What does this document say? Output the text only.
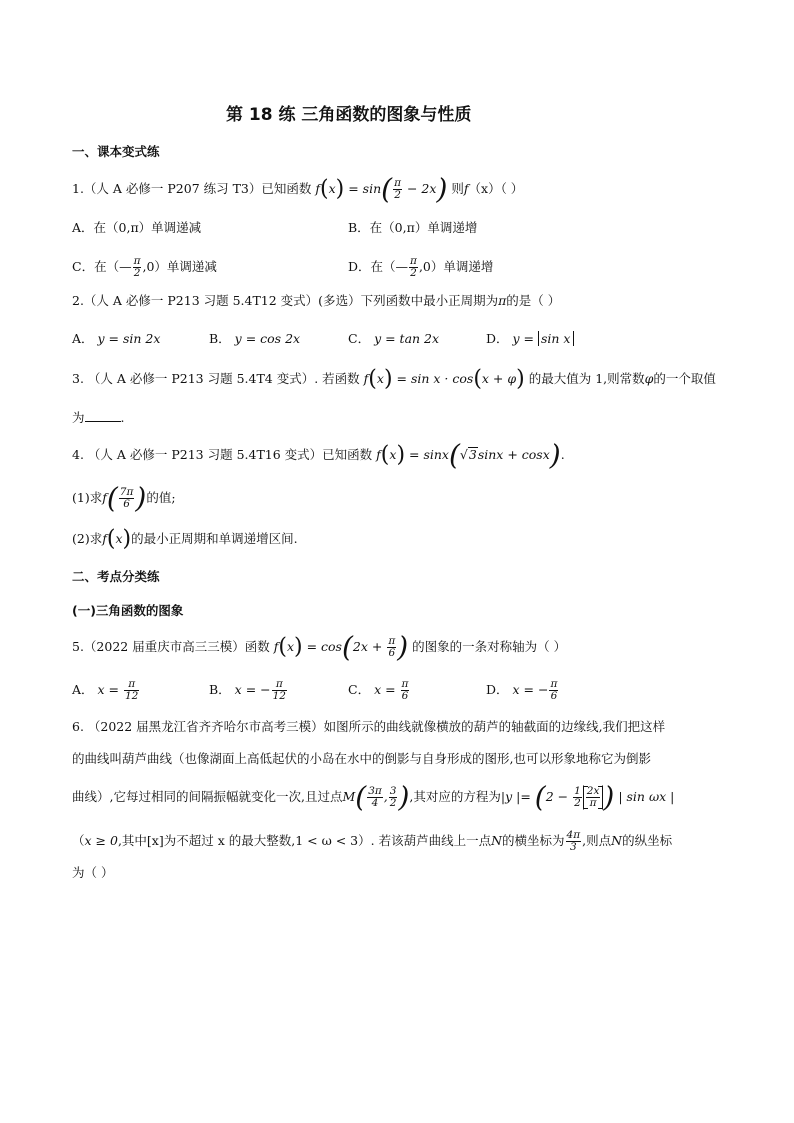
第 18 练 三角函数的图象与性质
一、课本变式练
1.（人 A 必修一 P207 练习 T3）已知函数 $f(x) = \sin( \frac{\pi}{2} - 2x)$ 则f（x）（ ）
A．在（0,π）单调递减	B．在（0,π）单调递增
C．在（— $\frac{\pi}{2} ,0$）单调递减	D．在（— $\frac{\pi}{2} ,0$）单调递增
2.（人 A 必修一 P213 习题 5.4T12 变式）(多选）下列函数中最小正周期为π的是（ ）
A． y = sin 2x	B． y = cos 2x	C． y = tan 2x	D． y = sin x
3. （人 A 必修一 P213 习题 5.4T4 变式）. 若函数 f(x) = sin x · cos(x + φ) 的最大值为 1,则常数φ的一个取值
为	.
4. （人 A 必修一 P213 习题 5.4T16 变式）已知函数 f(x) = sinx(√3sinx + cosx).
(1)求$f( \frac{7\pi}{6}$ )的值;
(2)求f(x)的最小正周期和单调递增区间.
二、考点分类练
(一)三角函数的图象
5.（2022 届重庆市高三三模）函数 $f(x) = \cos(2x + \frac{\pi}{6}$ ) 的图象的一条对称轴为（ ）
A． $x = \frac{\pi}{12}$	B． x = − $\frac{\pi}{12}$	C． $x = \frac{\pi}{6}$	D． x = − $\frac{\pi}{6}$
6. （2022 届黑龙江省齐齐哈尔市高考三模）如图所示的曲线就像横放的葫芦的轴截面的边缘线,我们把这样
的曲线叫葫芦曲线（也像湖面上高低起伏的小岛在水中的倒影与自身形成的图形,也可以形象地称它为倒影
曲线）,它每过相同的间隔振幅就变化一次,且过点$M( \frac{3\pi}{4}$ , $\frac{3}{2}$ ),其对应的方程为|y |= ($2 - \frac{1}{2} \frac{2x}{\pi}$ ) | sin ωx |
（x ≥ 0,其中[x]为不超过 x 的最大整数,1 < ω < 3）. 若该葫芦曲线上一点N的横坐标为 $\frac{4\pi}{3}$ ,则点N的纵坐标
为（ ）
